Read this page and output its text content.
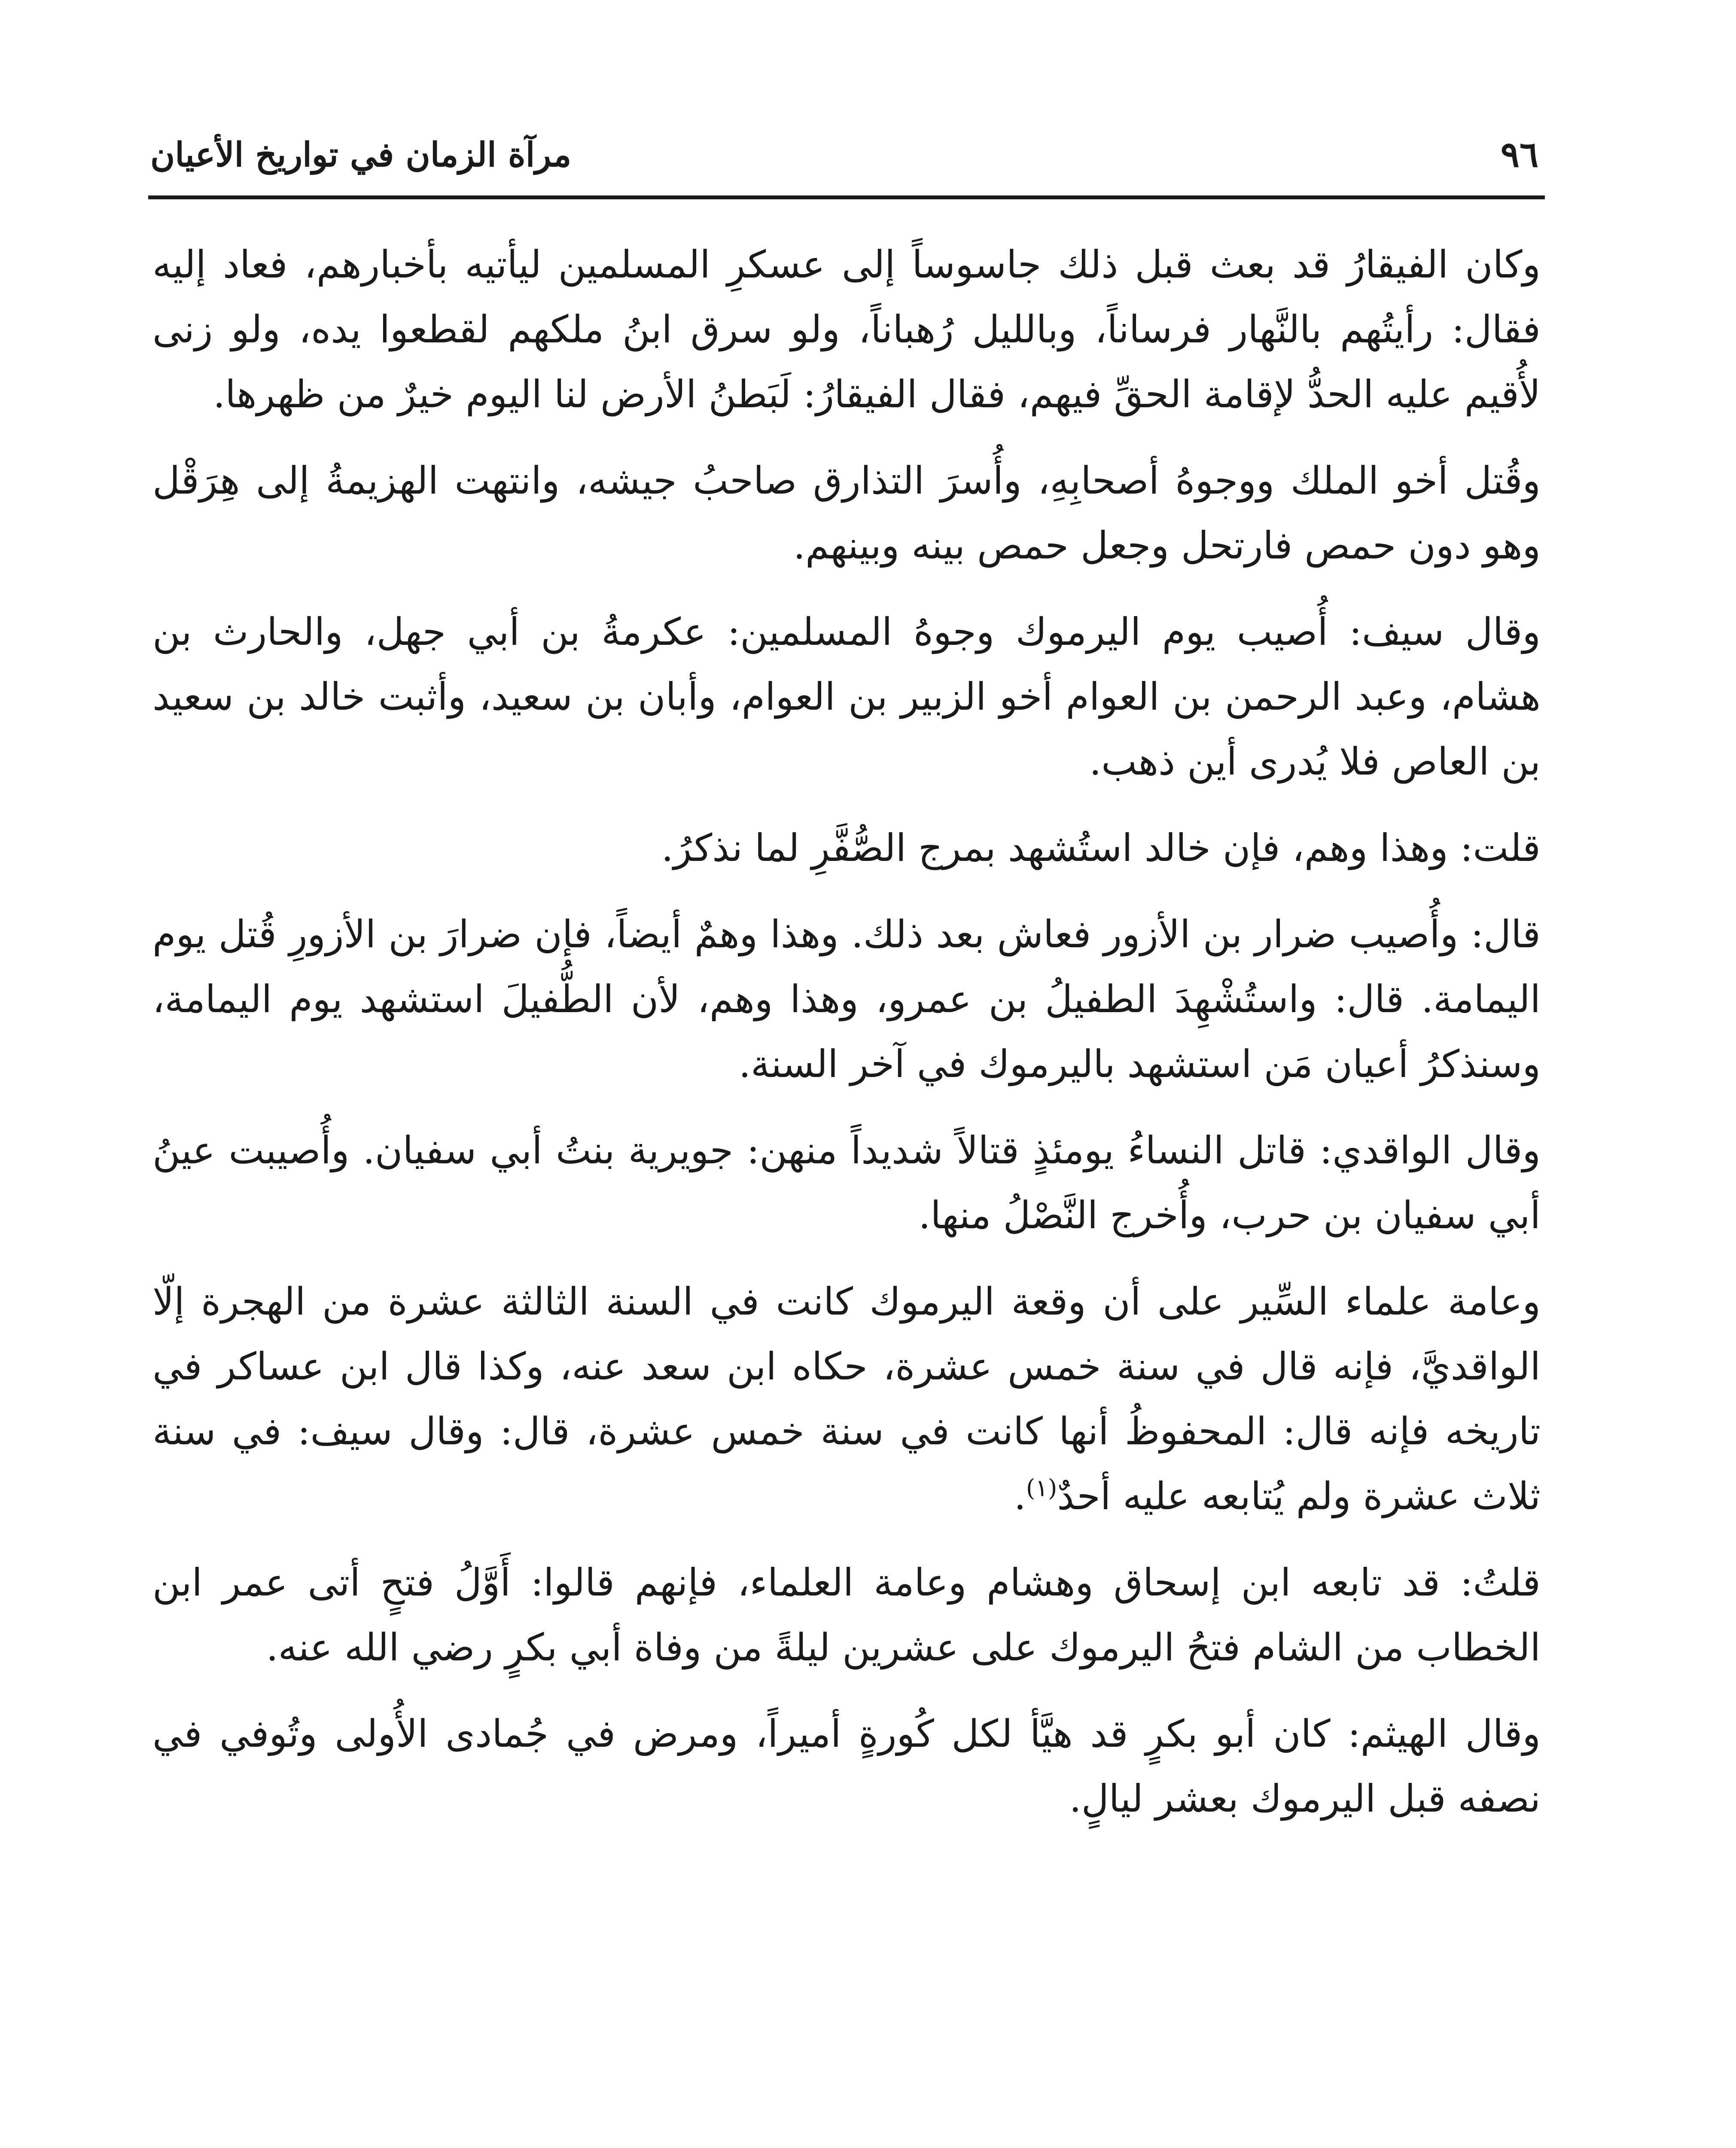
٩٦
مرآة الزمان في تواريخ الأعيان

وكان الفيقارُ قد بعث قبل ذلك جاسوساً إلى عسكرِ المسلمين ليأتيه بأخبارهم، فعاد إليه فقال: رأيتُهم بالنَّهار فرساناً، وبالليل رُهباناً، ولو سرق ابنُ ملكهم لقطعوا يده، ولو زنى لأُقيم عليه الحدُّ لإقامة الحقِّ فيهم، فقال الفيقارُ: لَبَطنُ الأرض لنا اليوم خيرٌ من ظهرها.

وقُتل أخو الملك ووجوهُ أصحابِهِ، وأُسرَ التذارق صاحبُ جيشه، وانتهت الهزيمةُ إلى هِرَقْل وهو دون حمص فارتحل وجعل حمص بينه وبينهم.

وقال سيف: أُصيب يوم اليرموك وجوهُ المسلمين: عكرمةُ بن أبي جهل، والحارث بن هشام، وعبد الرحمن بن العوام أخو الزبير بن العوام، وأبان بن سعيد، وأثبت خالد بن سعيد بن العاص فلا يُدرى أين ذهب.

قلت: وهذا وهم، فإن خالد استُشهد بمرج الصُّفَّرِ لما نذكرُ.

قال: وأُصيب ضرار بن الأزور فعاش بعد ذلك. وهذا وهمٌ أيضاً، فإن ضرارَ بن الأزورِ قُتل يوم اليمامة. قال: واستُشْهِدَ الطفيلُ بن عمرو، وهذا وهم، لأن الطُّفيلَ استشهد يوم اليمامة، وسنذكرُ أعيان مَن استشهد باليرموك في آخر السنة.

وقال الواقدي: قاتل النساءُ يومئذٍ قتالاً شديداً منهن: جويرية بنتُ أبي سفيان. وأُصيبت عينُ أبي سفيان بن حرب، وأُخرج النَّصْلُ منها.

وعامة علماء السِّير على أن وقعة اليرموك كانت في السنة الثالثة عشرة من الهجرة إلّا الواقديَّ، فإنه قال في سنة خمس عشرة، حكاه ابن سعد عنه، وكذا قال ابن عساكر في تاريخه فإنه قال: المحفوظُ أنها كانت في سنة خمس عشرة، قال: وقال سيف: في سنة ثلاث عشرة ولم يُتابعه عليه أحدٌ$^{(١)}$.

قلتُ: قد تابعه ابن إسحاق وهشام وعامة العلماء، فإنهم قالوا: أَوَّلُ فتحٍ أتى عمر ابن الخطاب من الشام فتحُ اليرموك على عشرين ليلةً من وفاة أبي بكرٍ رضي الله عنه.

وقال الهيثم: كان أبو بكرٍ قد هيَّأ لكل كُورةٍ أميراً، ومرض في جُمادى الأُولى وتُوفي في نصفه قبل اليرموك بعشر ليالٍ.
